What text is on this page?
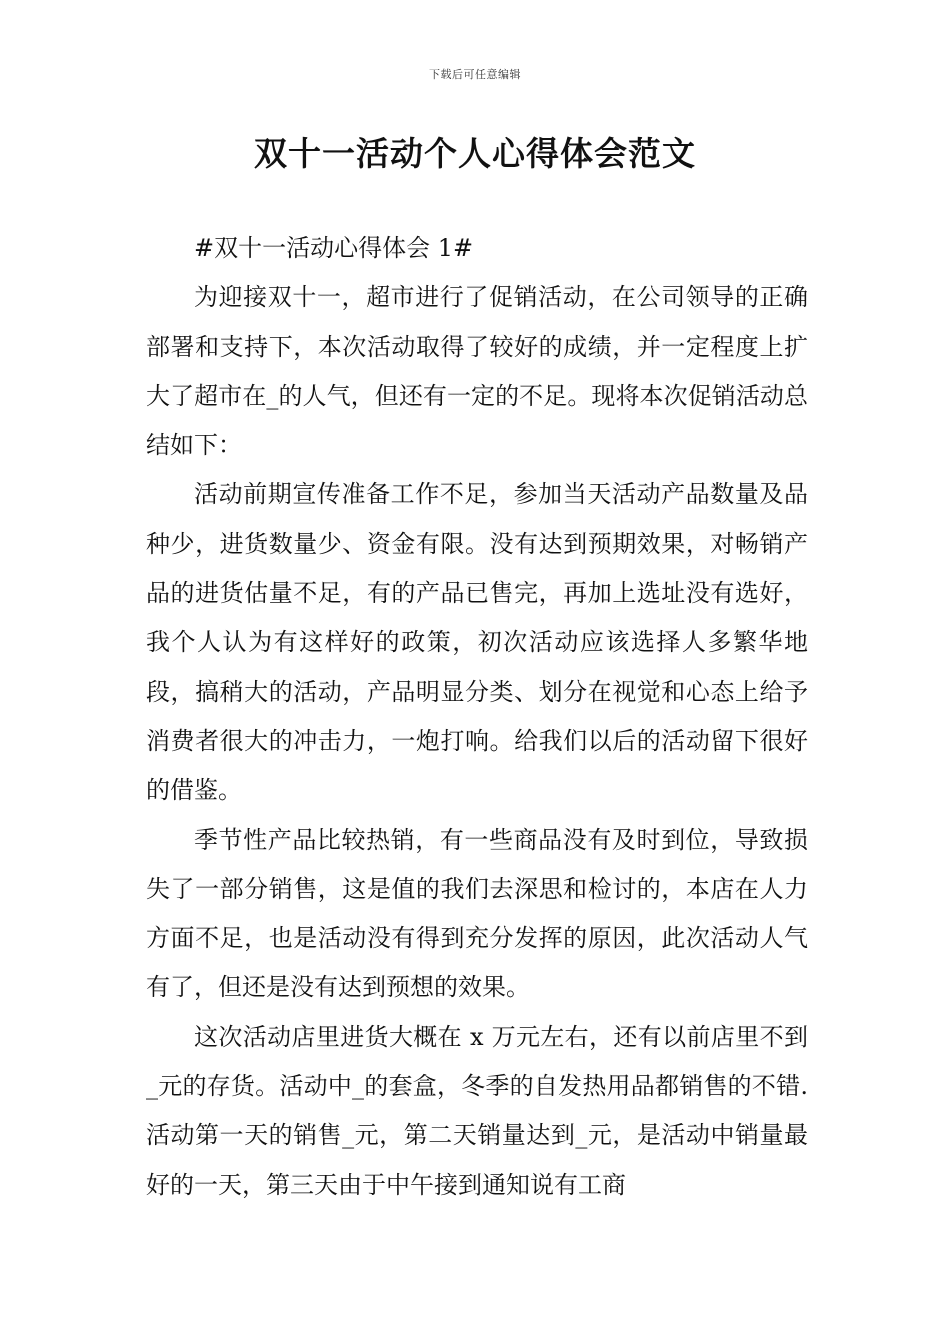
下载后可任意编辑
双十一活动个人心得体会范文

#双十一活动心得体会 1#

为迎接双十一，超市进行了促销活动，在公司领导的正确部署和支持下，本次活动取得了较好的成绩，并一定程度上扩大了超市在_的人气，但还有一定的不足。现将本次促销活动总结如下：

活动前期宣传准备工作不足，参加当天活动产品数量及品种少，进货数量少、资金有限。没有达到预期效果，对畅销产品的进货估量不足，有的产品已售完，再加上选址没有选好，我个人认为有这样好的政策，初次活动应该选择人多繁华地段，搞稍大的活动，产品明显分类、划分在视觉和心态上给予消费者很大的冲击力，一炮打响。给我们以后的活动留下很好的借鉴。

季节性产品比较热销，有一些商品没有及时到位，导致损失了一部分销售，这是值的我们去深思和检讨的，本店在人力方面不足，也是活动没有得到充分发挥的原因，此次活动人气有了，但还是没有达到预想的效果。

这次活动店里进货大概在 x 万元左右，还有以前店里不到_元的存货。活动中_的套盒，冬季的自发热用品都销售的不错. 活动第一天的销售_元，第二天销量达到_元，是活动中销量最好的一天，第三天由于中午接到通知说有工商
